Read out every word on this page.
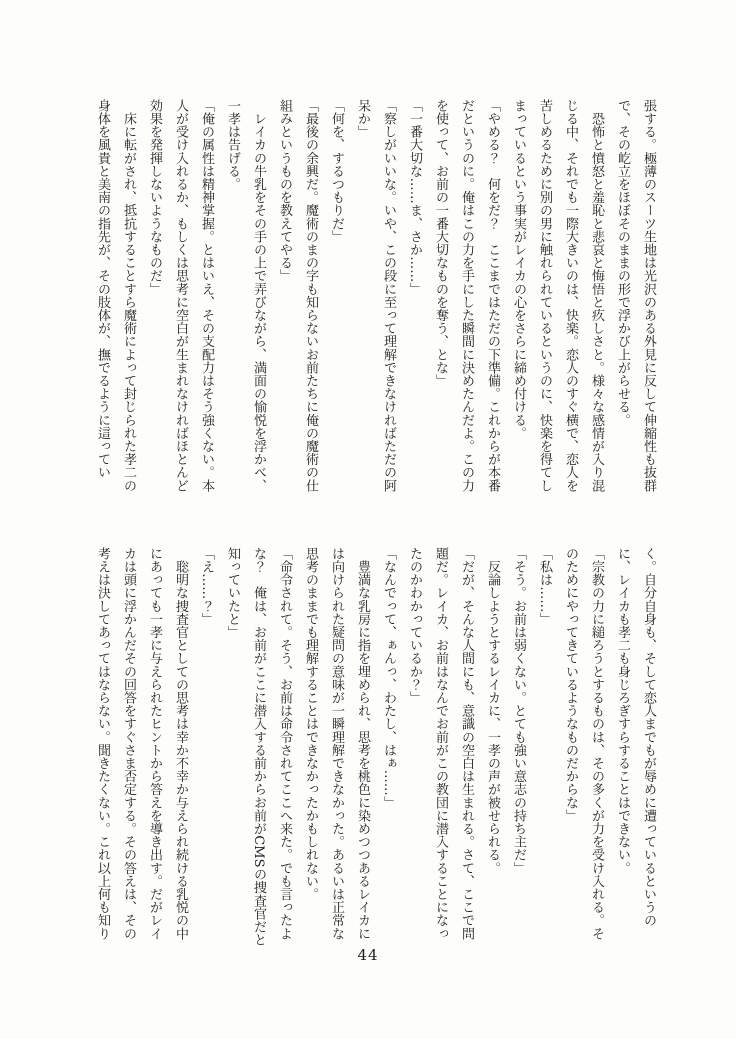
張する。極薄のスーツ生地は光沢のある外見に反して伸縮性も抜群
で、その屹立をほぼそのままの形で浮かび上がらせる。
　恐怖と憤怒と羞恥と悲哀と悔悟と疚しさと。様々な感情が入り混
じる中、それでも一際大きいのは、快楽。恋人のすぐ横で、恋人を
苦しめるために別の男に触れられているというのに、快楽を得てし
まっているという事実がレイカの心をさらに締め付ける。
「やめる？　何をだ？　ここまではただの下準備。これからが本番
だというのに。俺はこの力を手にした瞬間に決めたんだよ。この力
を使って、お前の一番大切なものを奪う、とな」
「一番大切な……ま、さか……」
「察しがいいな。いや、この段に至って理解できなければただの阿
呆か」
「何を、するつもりだ」
「最後の余興だ。魔術のまの字も知らないお前たちに俺の魔術の仕
組みというものを教えてやる」
　レイカの牛乳をその手の上で弄びながら、満面の愉悦を浮かべ、
一孝は告げる。
「俺の属性は精神掌握。とはいえ、その支配力はそう強くない。本
人が受け入れるか、もしくは思考に空白が生まれなければほとんど
効果を発揮しないようなものだ」
　床に転がされ、抵抗することすら魔術によって封じられた孝二の
身体を風貴と美南の指先が、その肢体が、撫でるように這ってい
く。自分自身も、そして恋人までもが辱めに遭っているというの
に、レイカも孝二も身じろぎすらすることはできない。
「宗教の力に縋ろうとするものは、その多くが力を受け入れる。そ
のためにやってきているようなものだからな」
「私は……」
「そう。お前は弱くない。とても強い意志の持ち主だ」
　反論しようとするレイカに、一孝の声が被せられる。
「だが、そんな人間にも、意識の空白は生まれる。さて、ここで問
題だ。レイカ、お前はなんでお前がこの教団に潜入することになっ
たのかわかっているか？」
「なんでって、ぁんっ、わたし、はぁ……」
　豊満な乳房に指を埋められ、思考を桃色に染めつつあるレイカに
は向けられた疑問の意味が一瞬理解できなかった。あるいは正常な
思考のままでも理解することはできなかったかもしれない。
「命令されて。そう、お前は命令されてここへ来た。でも言ったよ
な？　俺は、お前がここに潜入する前からお前がCMSの捜査官だと
知っていたと」
「え……？」
　聡明な捜査官としての思考は幸か不幸か与えられ続ける乳悦の中
にあっても一孝に与えられたヒントから答えを導き出す。だがレイ
カは頭に浮かんだその回答をすぐさま否定する。その答えは、その
考えは決してあってはならない。聞きたくない。これ以上何も知り
44
